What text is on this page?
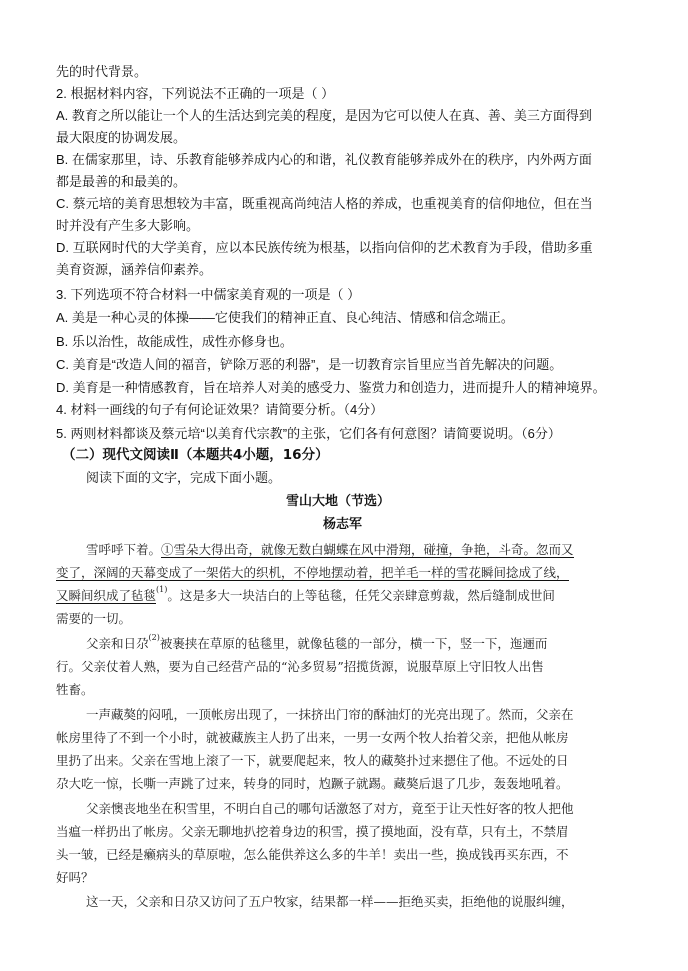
先的时代背景。
2. 根据材料内容，下列说法不正确的一项是（ ）
A. 教育之所以能让一个人的生活达到完美的程度，是因为它可以使人在真、善、美三方面得到
最大限度的协调发展。
B. 在儒家那里，诗、乐教育能够养成内心的和谐，礼仪教育能够养成外在的秩序，内外两方面
都是最善的和最美的。
C. 蔡元培的美育思想较为丰富，既重视高尚纯洁人格的养成，也重视美育的信仰地位，但在当
时并没有产生多大影响。
D. 互联网时代的大学美育，应以本民族传统为根基，以指向信仰的艺术教育为手段，借助多重
美育资源，涵养信仰素养。
3. 下列选项不符合材料一中儒家美育观的一项是（ ）
A. 美是一种心灵的体操——它使我们的精神正直、良心纯洁、情感和信念端正。
B. 乐以治性，故能成性，成性亦修身也。
C. 美育是“改造人间的福音，铲除万恶的利器”，是一切教育宗旨里应当首先解决的问题。
D. 美育是一种情感教育，旨在培养人对美的感受力、鉴赏力和创造力，进而提升人的精神境界。
4. 材料一画线的句子有何论证效果？请简要分析。（4分）
5. 两则材料都谈及蔡元培“以美育代宗教”的主张，它们各有何意图？请简要说明。（6分）
（二）现代文阅读Ⅱ（本题共4小题，16分）
阅读下面的文字，完成下面小题。
雪山大地（节选）
杨志军
雪呼呼下着。①雪朵大得出奇，就像无数白蝴蝶在风中滑翔，碰撞，争艳，斗奇。忽而又
变了，深阔的天幕变成了一架偌大的织机，不停地摆动着，把羊毛一样的雪花瞬间捻成了线，
又瞬间织成了毡毯$^{(1)}$。这是多大一块洁白的上等毡毯，任凭父亲肆意剪裁，然后缝制成世间
需要的一切。
父亲和日尕$^{(2)}$被裹挟在草原的毡毯里，就像毡毯的一部分，横一下，竖一下，迤逦而
行。父亲仗着人熟，要为自己经营产品的“沁多贸易”招揽货源，说服草原上守旧牧人出售
牲畜。
一声藏獒的闷吼，一顶帐房出现了，一抹挤出门帘的酥油灯的光亮出现了。然而，父亲在
帐房里待了不到一个小时，就被藏族主人扔了出来，一男一女两个牧人抬着父亲，把他从帐房
里扔了出来。父亲在雪地上滚了一下，就要爬起来，牧人的藏獒扑过来摁住了他。不远处的日
尕大吃一惊，长嘶一声跳了过来，转身的同时，尥蹶子就踢。藏獒后退了几步，轰轰地吼着。
父亲懊丧地坐在积雪里，不明白自己的哪句话激怒了对方，竟至于让天性好客的牧人把他
当瘟一样扔出了帐房。父亲无聊地扒挖着身边的积雪，摸了摸地面，没有草，只有土，不禁眉
头一皱，已经是癞病头的草原啦，怎么能供养这么多的牛羊！卖出一些，换成钱再买东西，不
好吗？
这一天，父亲和日尕又访问了五户牧家，结果都一样——拒绝买卖，拒绝他的说服纠缠，
